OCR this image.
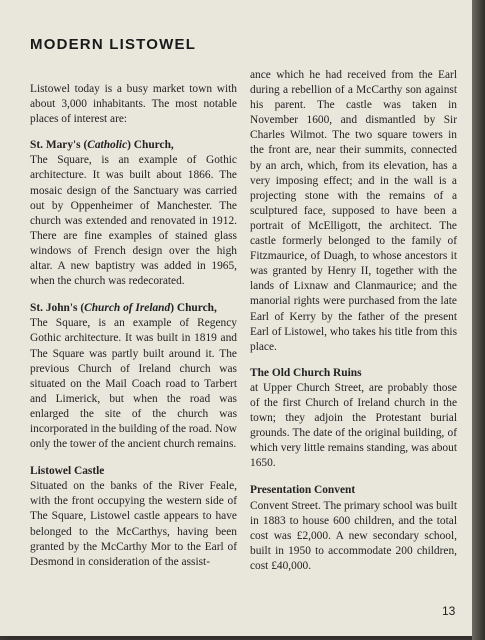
MODERN LISTOWEL

Listowel today is a busy market town with about 3,000 inhabitants. The most notable places of interest are:

St. Mary's (Catholic) Church,
The Square, is an example of Gothic architecture. It was built about 1866. The mosaic design of the Sanctuary was carried out by Oppenheimer of Manchester. The church was extended and renovated in 1912. There are fine examples of stained glass windows of French design over the high altar. A new baptistry was added in 1965, when the church was redecorated.
St. John's (Church of Ireland) Church,
The Square, is an example of Regency Gothic architecture. It was built in 1819 and The Square was partly built around it. The previous Church of Ireland church was situated on the Mail Coach road to Tarbert and Limerick, but when the road was enlarged the site of the church was incorporated in the building of the road. Now only the tower of the ancient church remains.
Listowel Castle
Situated on the banks of the River Feale, with the front occupying the western side of The Square, Listowel castle appears to have belonged to the McCarthys, having been granted by the McCarthy Mor to the Earl of Desmond in consideration of the assist-

ance which he had received from the Earl during a rebellion of a McCarthy son against his parent. The castle was taken in November 1600, and dismantled by Sir Charles Wilmot. The two square towers in the front are, near their summits, connected by an arch, which, from its elevation, has a very imposing effect; and in the wall is a projecting stone with the remains of a sculptured face, supposed to have been a portrait of McElligott, the architect. The castle formerly belonged to the family of Fitzmaurice, of Duagh, to whose ancestors it was granted by Henry II, together with the lands of Lixnaw and Clanmaurice; and the manorial rights were purchased from the late Earl of Kerry by the father of the present Earl of Listowel, who takes his title from this place.

The Old Church Ruins
at Upper Church Street, are probably those of the first Church of Ireland church in the town; they adjoin the Protestant burial grounds. The date of the original building, of which very little remains standing, was about 1650.
Presentation Convent
Convent Street. The primary school was built in 1883 to house 600 children, and the total cost was £2,000. A new secondary school, built in 1950 to accommodate 200 children, cost £40,000.
13
